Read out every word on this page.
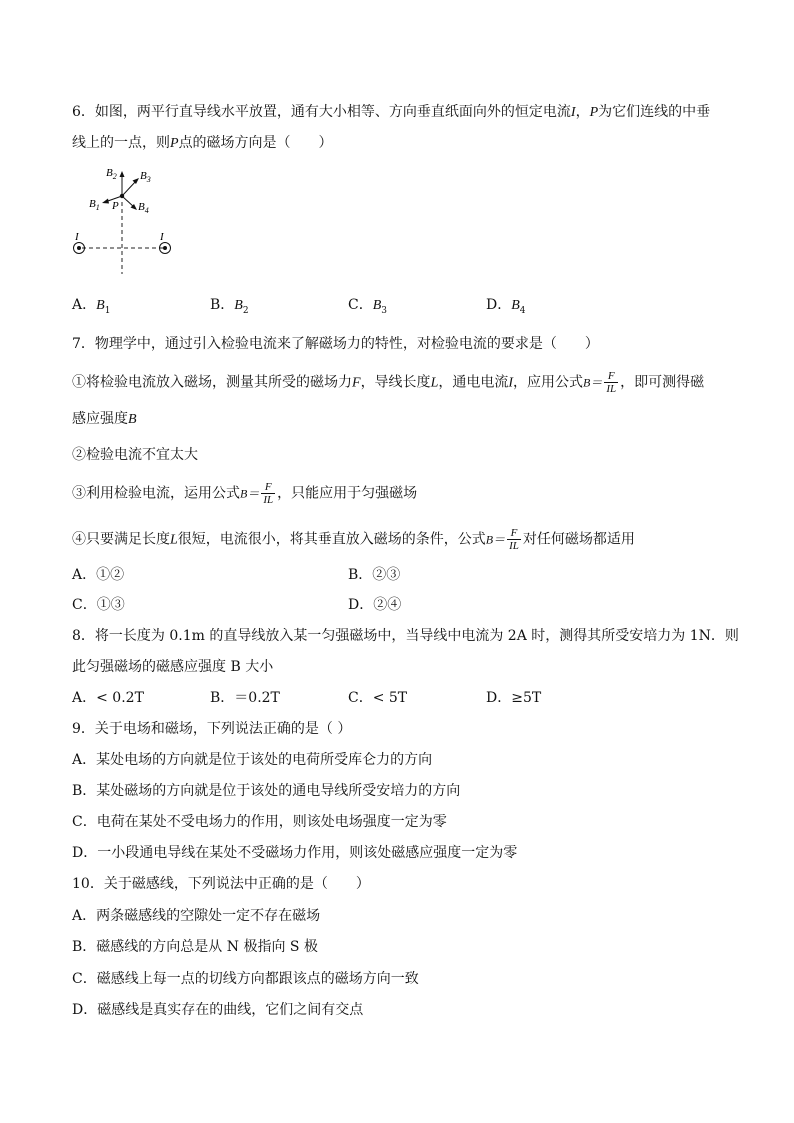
6．如图，两平行直导线水平放置，通有大小相等、方向垂直纸面向外的恒定电流I，P为它们连线的中垂
线上的一点，则P点的磁场方向是（　　）
$B_2$ $B_3$
$B_1$ P $B_4$
I	I
A．$B_1$	B．$B_2$	C．$B_3$	D．$B_4$
7．物理学中，通过引入检验电流来了解磁场力的特性，对检验电流的要求是（　　）
①将检验电流放入磁场，测量其所受的磁场力F，导线长度L，通电电流I，应用公式$B= \frac{F}{IL}$ ，即可测得磁
感应强度B
②检验电流不宜太大
③利用检验电流，运用公式$B= \frac{F}{IL}$ ，只能应用于匀强磁场
④只要满足长度L很短，电流很小，将其垂直放入磁场的条件，公式$B= \frac{F}{IL}$ 对任何磁场都适用
A．①②	B．②③
C．①③	D．②④
8．将一长度为 0.1m 的直导线放入某一匀强磁场中，当导线中电流为 2A 时，测得其所受安培力为 1N．则
此匀强磁场的磁感应强度 B 大小
A．< 0.2T	B．＝0.2T	C．< 5T	D．≥5T
9．关于电场和磁场，下列说法正确的是（ ）
A．某处电场的方向就是位于该处的电荷所受库仑力的方向
B．某处磁场的方向就是位于该处的通电导线所受安培力的方向
C．电荷在某处不受电场力的作用，则该处电场强度一定为零
D．一小段通电导线在某处不受磁场力作用，则该处磁感应强度一定为零
10．关于磁感线，下列说法中正确的是（　　）
A．两条磁感线的空隙处一定不存在磁场
B．磁感线的方向总是从 N 极指向 S 极
C．磁感线上每一点的切线方向都跟该点的磁场方向一致
D．磁感线是真实存在的曲线，它们之间有交点
